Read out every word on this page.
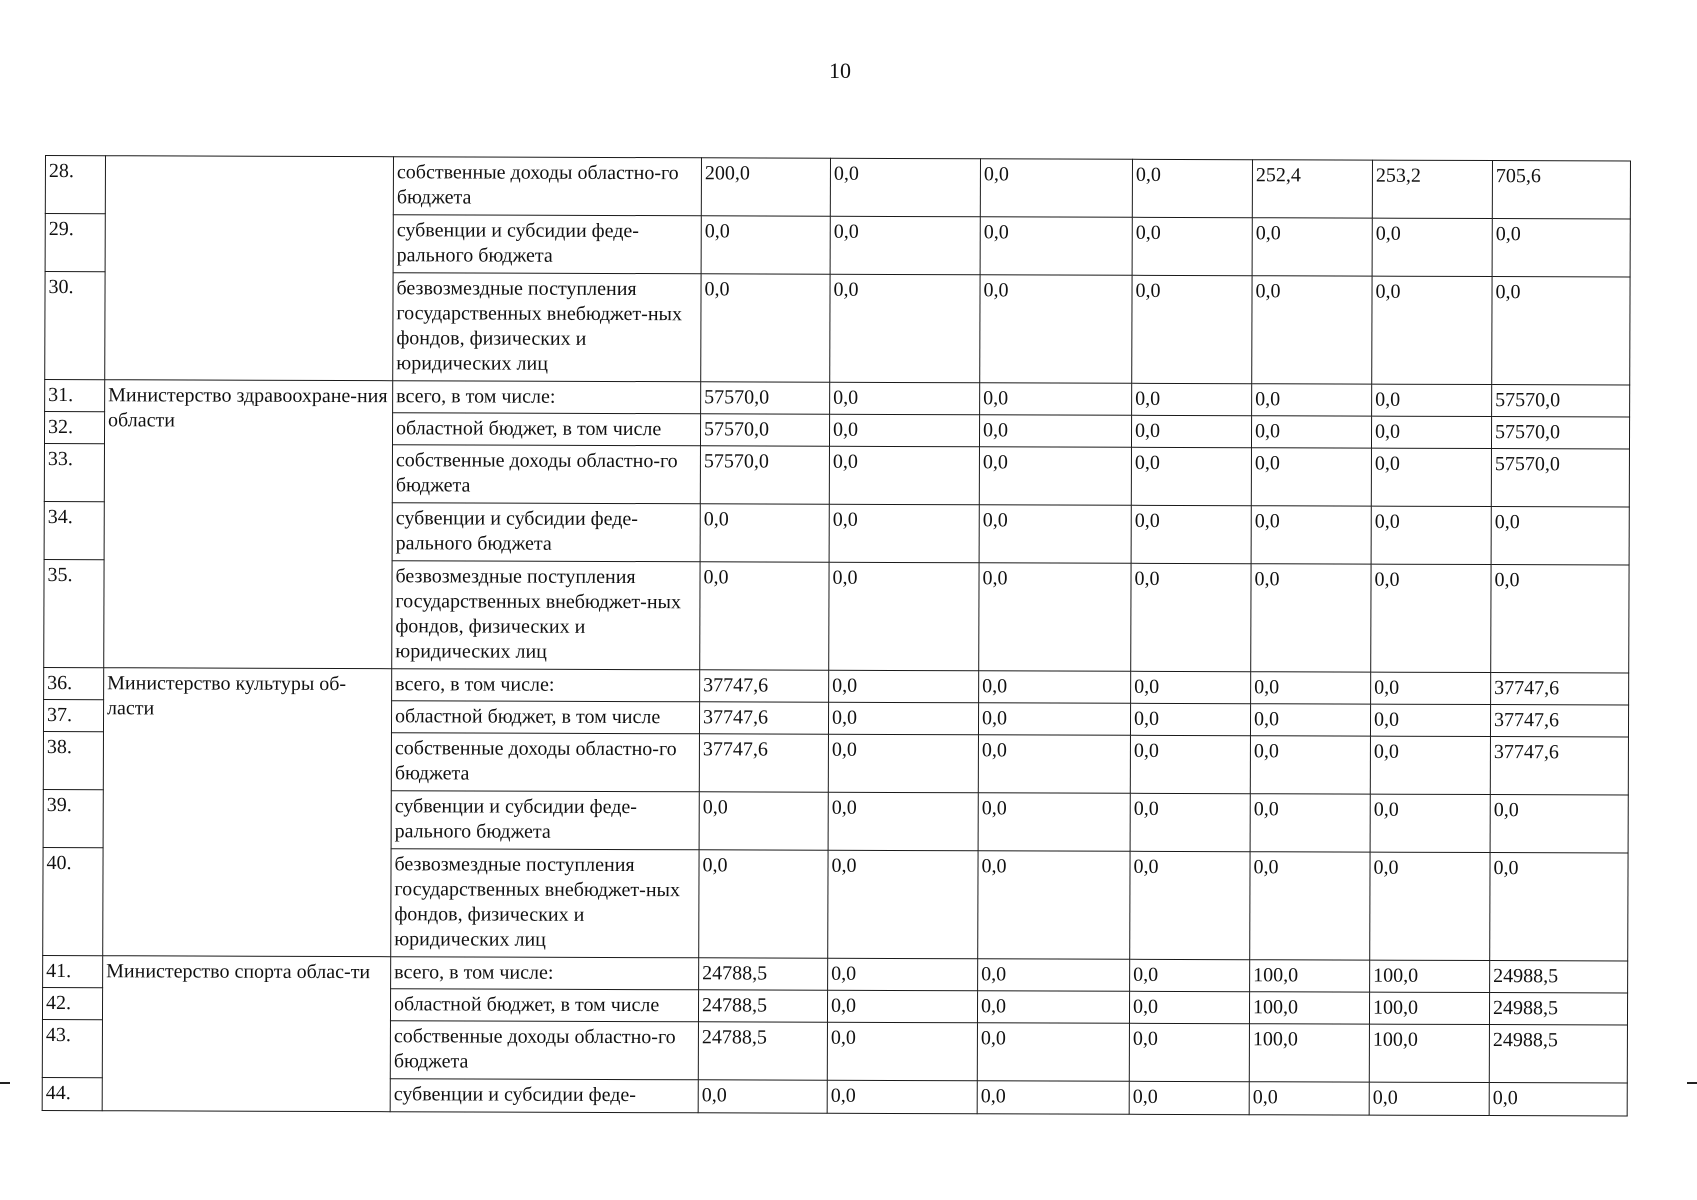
10
28.		собственные доходы областно-го бюджета	200,0	0,0	0,0	0,0	252,4	253,2	705,6
29.		субвенции и субсидии феде-рального бюджета	0,0	0,0	0,0	0,0	0,0	0,0	0,0
30.		безвозмездные поступления государственных внебюджет-ных фондов, физических и юридических лиц	0,0	0,0	0,0	0,0	0,0	0,0	0,0
31.	Министерство здравоохране-ния области	всего, в том числе:	57570,0	0,0	0,0	0,0	0,0	0,0	57570,0
32.		областной бюджет, в том числе	57570,0	0,0	0,0	0,0	0,0	0,0	57570,0
33.		собственные доходы областно-го бюджета	57570,0	0,0	0,0	0,0	0,0	0,0	57570,0
34.		субвенции и субсидии феде-рального бюджета	0,0	0,0	0,0	0,0	0,0	0,0	0,0
35.		безвозмездные поступления государственных внебюджет-ных фондов, физических и юридических лиц	0,0	0,0	0,0	0,0	0,0	0,0	0,0
36.	Министерство культуры об-ласти	всего, в том числе:	37747,6	0,0	0,0	0,0	0,0	0,0	37747,6
37.		областной бюджет, в том числе	37747,6	0,0	0,0	0,0	0,0	0,0	37747,6
38.		собственные доходы областно-го бюджета	37747,6	0,0	0,0	0,0	0,0	0,0	37747,6
39.		субвенции и субсидии феде-рального бюджета	0,0	0,0	0,0	0,0	0,0	0,0	0,0
40.		безвозмездные поступления государственных внебюджет-ных фондов, физических и юридических лиц	0,0	0,0	0,0	0,0	0,0	0,0	0,0
41.	Министерство спорта облас-ти	всего, в том числе:	24788,5	0,0	0,0	0,0	100,0	100,0	24988,5
42.		областной бюджет, в том числе	24788,5	0,0	0,0	0,0	100,0	100,0	24988,5
43.		собственные доходы областно-го бюджета	24788,5	0,0	0,0	0,0	100,0	100,0	24988,5
44.		субвенции и субсидии феде-	0,0	0,0	0,0	0,0	0,0	0,0	0,0
